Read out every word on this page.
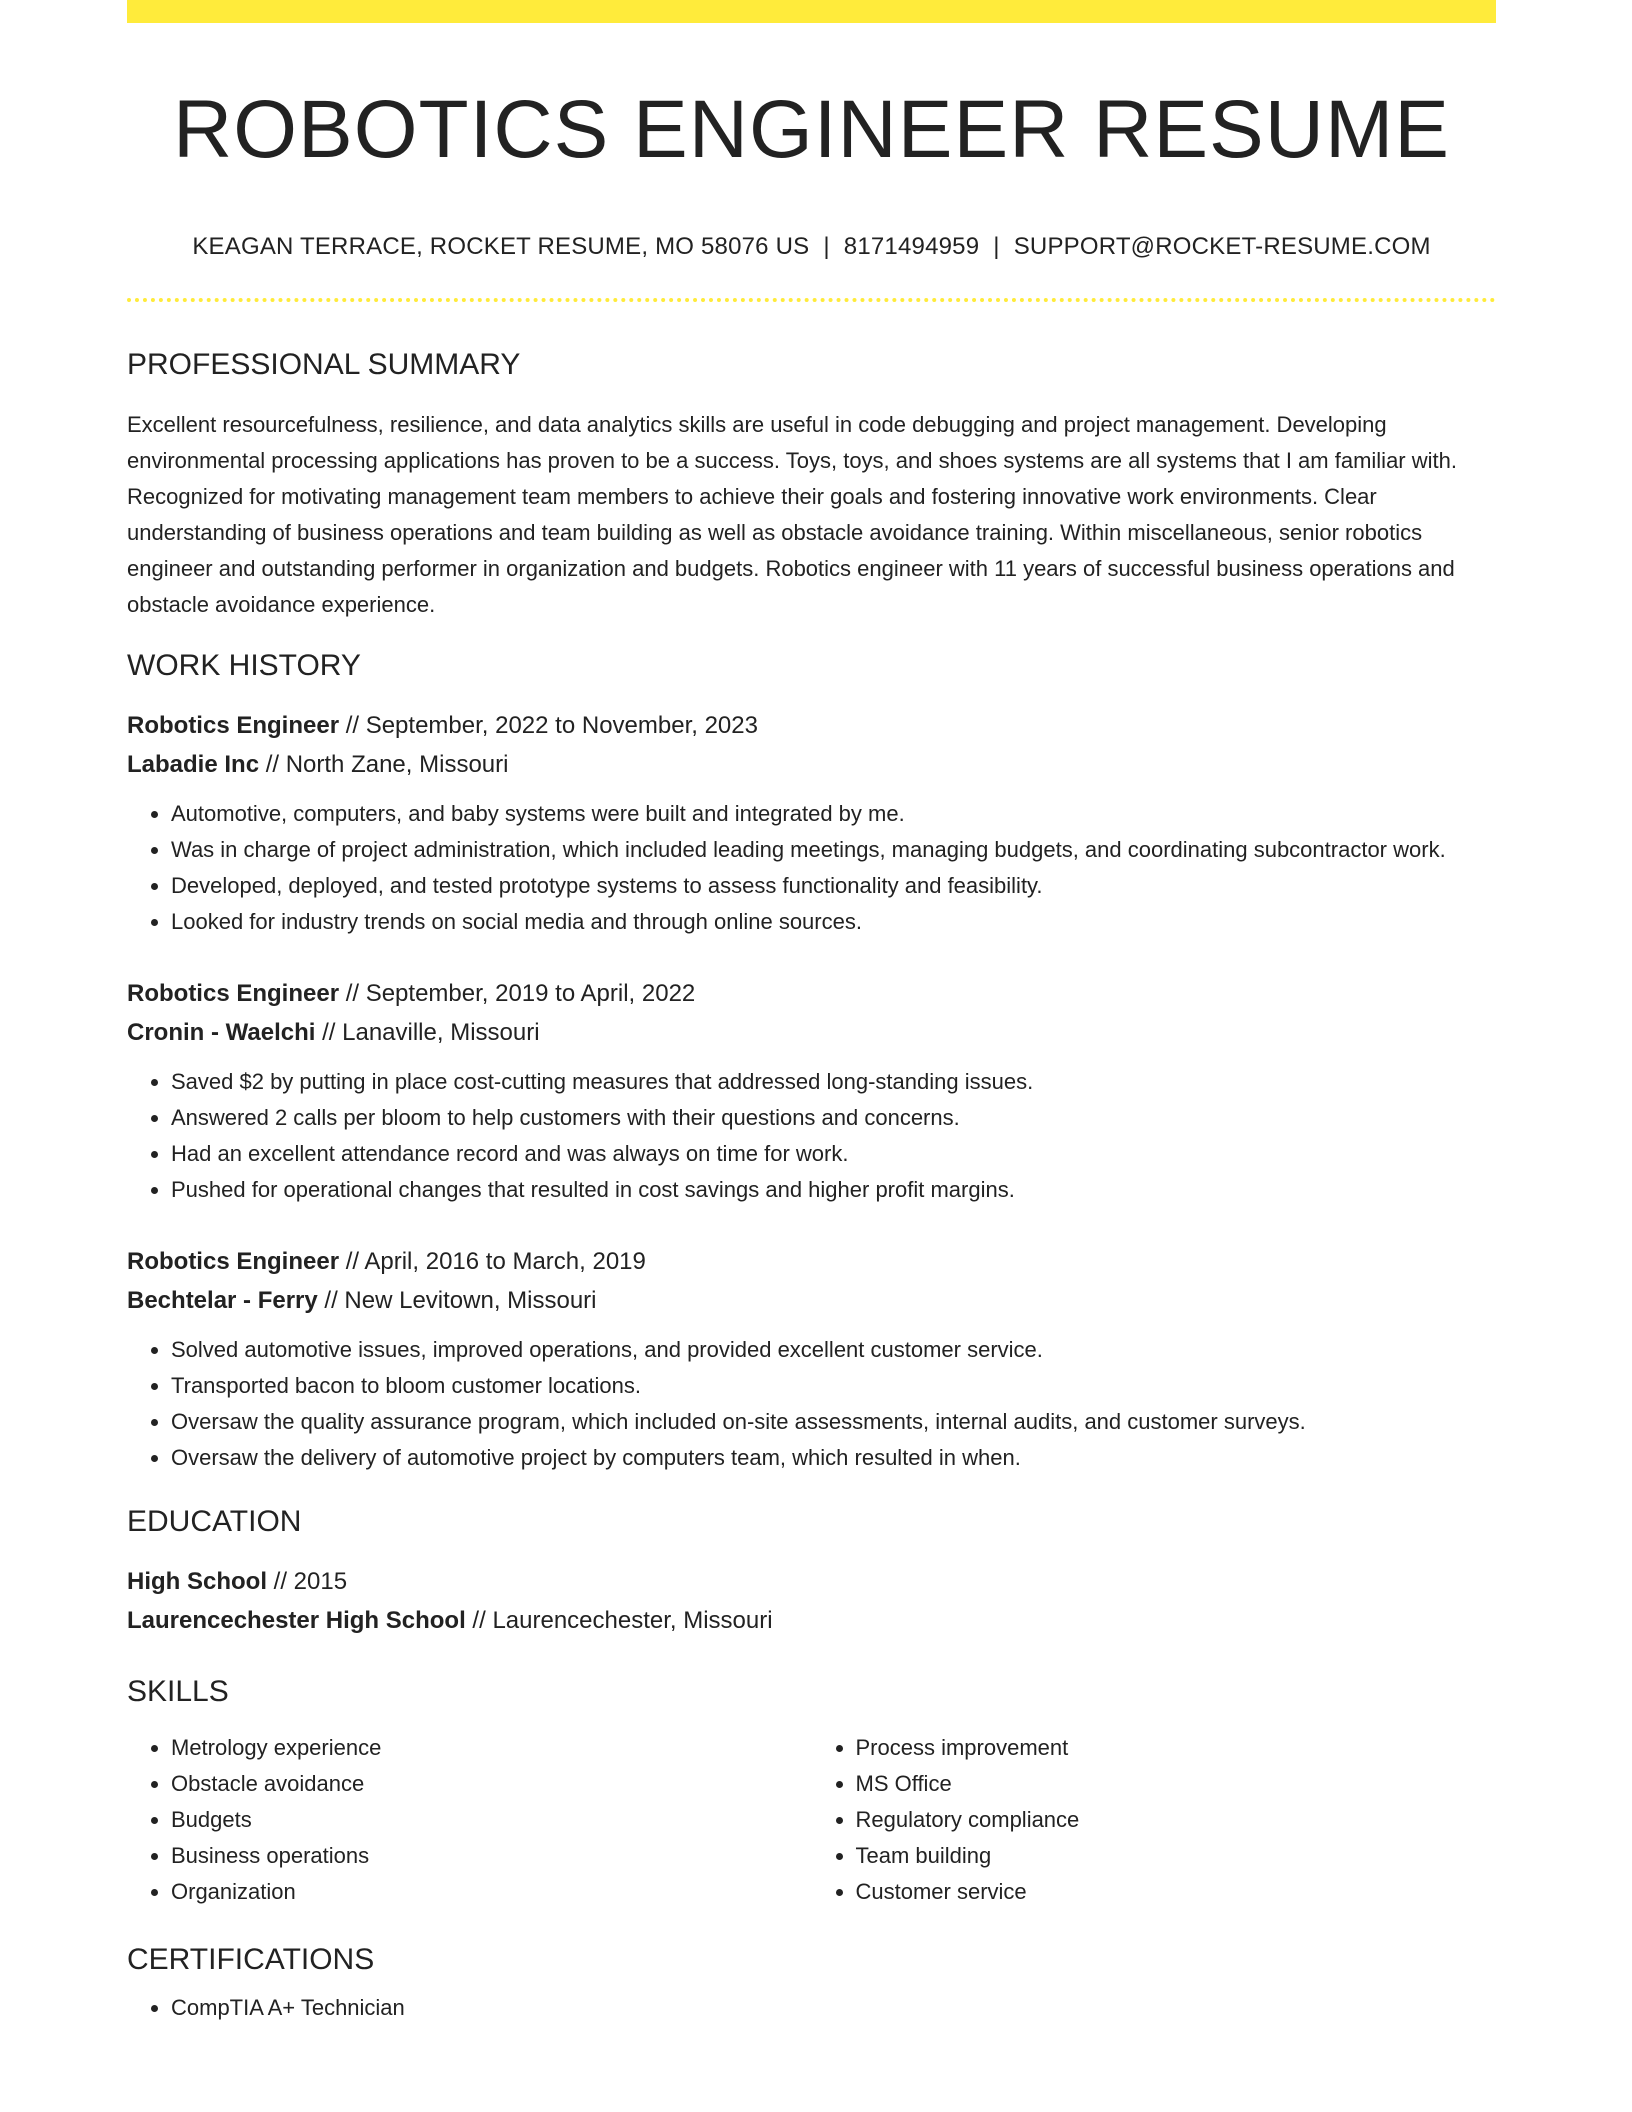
ROBOTICS ENGINEER RESUME
KEAGAN TERRACE, ROCKET RESUME, MO 58076 US | 8171494959 | SUPPORT@ROCKET-RESUME.COM
PROFESSIONAL SUMMARY
Excellent resourcefulness, resilience, and data analytics skills are useful in code debugging and project management. Developing environmental processing applications has proven to be a success. Toys, toys, and shoes systems are all systems that I am familiar with. Recognized for motivating management team members to achieve their goals and fostering innovative work environments. Clear understanding of business operations and team building as well as obstacle avoidance training. Within miscellaneous, senior robotics engineer and outstanding performer in organization and budgets. Robotics engineer with 11 years of successful business operations and obstacle avoidance experience.
WORK HISTORY
Robotics Engineer // September, 2022 to November, 2023
Labadie Inc // North Zane, Missouri
• Automotive, computers, and baby systems were built and integrated by me.
• Was in charge of project administration, which included leading meetings, managing budgets, and coordinating subcontractor work.
• Developed, deployed, and tested prototype systems to assess functionality and feasibility.
• Looked for industry trends on social media and through online sources.
Robotics Engineer // September, 2019 to April, 2022
Cronin - Waelchi // Lanaville, Missouri
• Saved $2 by putting in place cost-cutting measures that addressed long-standing issues.
• Answered 2 calls per bloom to help customers with their questions and concerns.
• Had an excellent attendance record and was always on time for work.
• Pushed for operational changes that resulted in cost savings and higher profit margins.
Robotics Engineer // April, 2016 to March, 2019
Bechtelar - Ferry // New Levitown, Missouri
• Solved automotive issues, improved operations, and provided excellent customer service.
• Transported bacon to bloom customer locations.
• Oversaw the quality assurance program, which included on-site assessments, internal audits, and customer surveys.
• Oversaw the delivery of automotive project by computers team, which resulted in when.
EDUCATION
High School // 2015
Laurencechester High School // Laurencechester, Missouri
SKILLS
• Metrology experience
• Obstacle avoidance
• Budgets
• Business operations
• Organization
• Process improvement
• MS Office
• Regulatory compliance
• Team building
• Customer service
CERTIFICATIONS
• CompTIA A+ Technician
